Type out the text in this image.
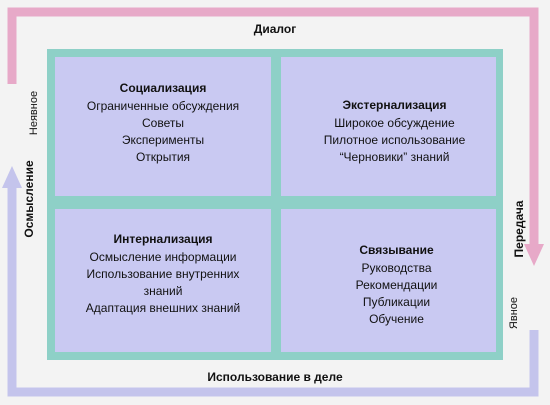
Диалог
Использование в деле
Осмысление
Неявное
Передача
Явное
Социализация
Ограниченные обсуждения
Советы
Эксперименты
Открытия
Экстернализация
Широкое обсуждение
Пилотное использование
“Черновики” знаний
Интернализация
Осмысление информации
Использование внутренних
знаний
Адаптация внешних знаний
Связывание
Руководства
Рекомендации
Публикации
Обучение
